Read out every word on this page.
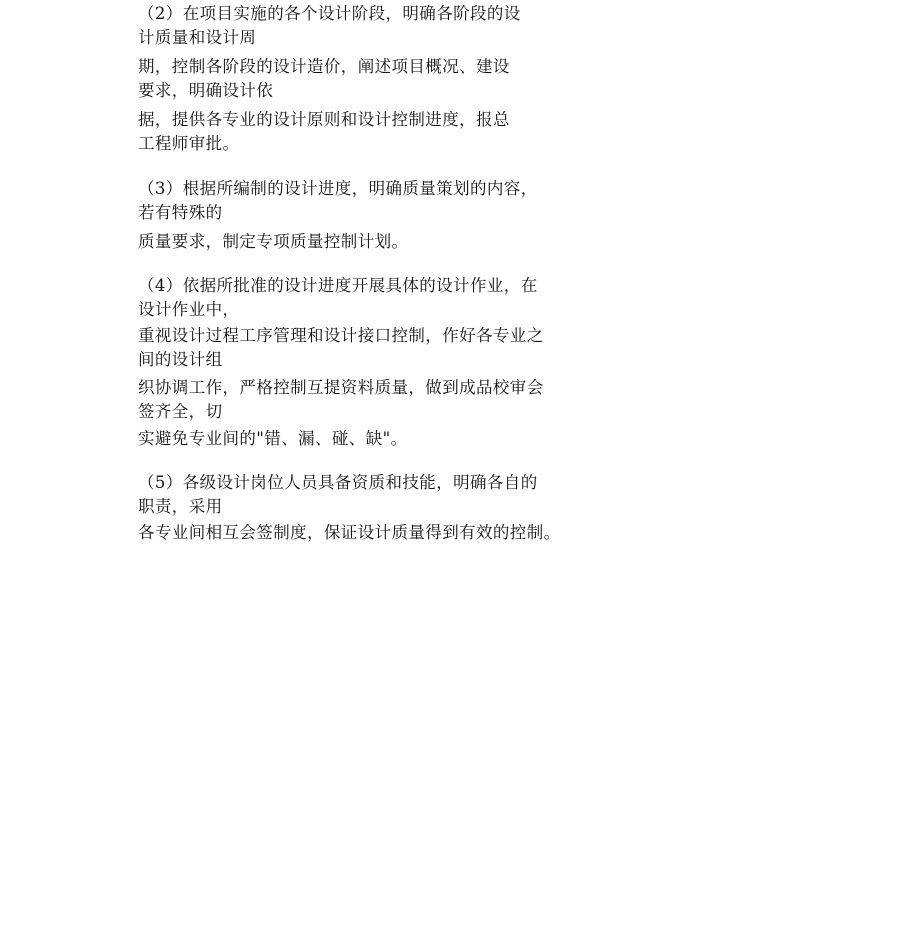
（2）在项目实施的各个设计阶段，明确各阶段的设
计质量和设计周
期，控制各阶段的设计造价，阐述项目概况、建设
要求，明确设计依
据，提供各专业的设计原则和设计控制进度，报总
工程师审批。
（3）根据所编制的设计进度，明确质量策划的内容，
若有特殊的
质量要求，制定专项质量控制计划。
（4）依据所批准的设计进度开展具体的设计作业，在
设计作业中，
重视设计过程工序管理和设计接口控制，作好各专业之
间的设计组
织协调工作，严格控制互提资料质量，做到成品校审会
签齐全，切
实避免专业间的"错、漏、碰、缺"。
（5）各级设计岗位人员具备资质和技能，明确各自的
职责，采用
各专业间相互会签制度，保证设计质量得到有效的控制。
